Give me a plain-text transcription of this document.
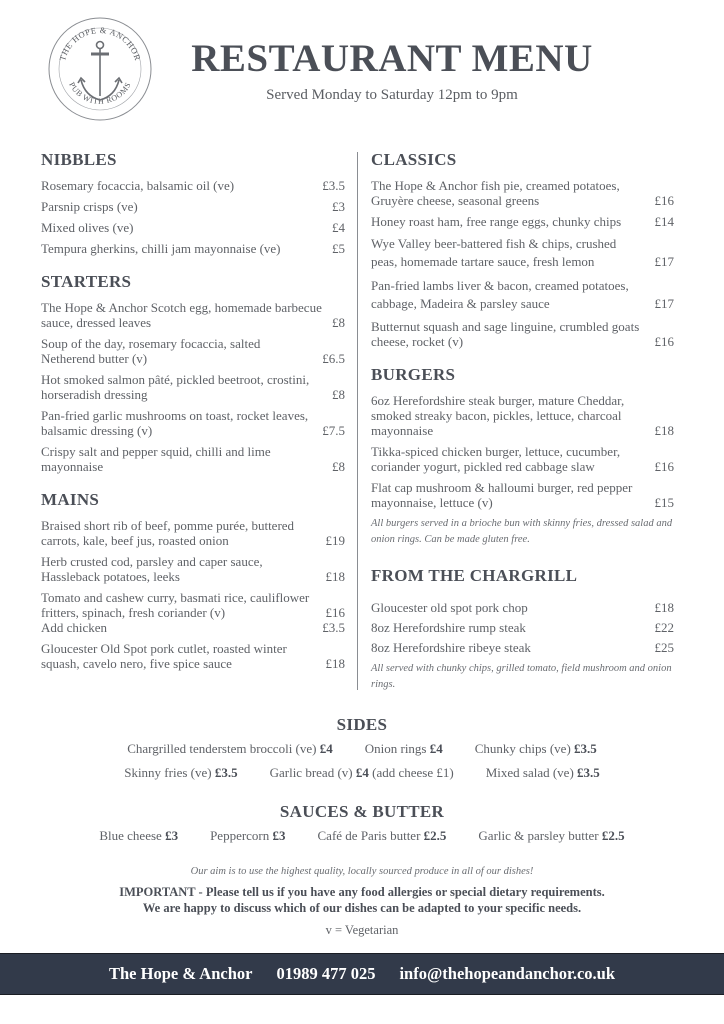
THE HOPE & ANCHOR
PUB WITH ROOMS
RESTAURANT MENU
Served Monday to Saturday 12pm to 9pm
NIBBLES
Rosemary focaccia, balsamic oil (ve)	£3.5
Parsnip crisps (ve)	£3
Mixed olives (ve)	£4
Tempura gherkins, chilli jam mayonnaise (ve)	£5
STARTERS
The Hope & Anchor Scotch egg, homemade barbecue sauce, dressed leaves	£8
Soup of the day, rosemary focaccia, salted Netherend butter (v)	£6.5
Hot smoked salmon pâté, pickled beetroot, crostini, horseradish dressing	£8
Pan-fried garlic mushrooms on toast, rocket leaves, balsamic dressing (v)	£7.5
Crispy salt and pepper squid, chilli and lime mayonnaise	£8
MAINS
Braised short rib of beef, pomme purée, buttered carrots, kale, beef jus, roasted onion	£19
Herb crusted cod, parsley and caper sauce, Hassleback potatoes, leeks	£18
Tomato and cashew curry, basmati rice, cauliflower fritters, spinach, fresh coriander (v)	£16
Add chicken	£3.5
Gloucester Old Spot pork cutlet, roasted winter squash, cavelo nero, five spice sauce	£18
CLASSICS
The Hope & Anchor fish pie, creamed potatoes, Gruyère cheese, seasonal greens	£16
Honey roast ham, free range eggs, chunky chips	£14
Wye Valley beer-battered fish & chips, crushed peas, homemade tartare sauce, fresh lemon	£17
Pan-fried lambs liver & bacon, creamed potatoes, cabbage, Madeira & parsley sauce	£17
Butternut squash and sage linguine, crumbled goats cheese, rocket (v)	£16
BURGERS
6oz Herefordshire steak burger, mature Cheddar, smoked streaky bacon, pickles, lettuce, charcoal mayonnaise	£18
Tikka-spiced chicken burger, lettuce, cucumber, coriander yogurt, pickled red cabbage slaw	£16
Flat cap mushroom & halloumi burger, red pepper mayonnaise, lettuce (v)	£15
All burgers served in a brioche bun with skinny fries, dressed salad and onion rings. Can be made gluten free.
FROM THE CHARGRILL
Gloucester old spot pork chop	£18
8oz Herefordshire rump steak	£22
8oz Herefordshire ribeye steak	£25
All served with chunky chips, grilled tomato, field mushroom and onion rings.
SIDES
Chargrilled tenderstem broccoli (ve) £4 Onion rings £4 Chunky chips (ve) £3.5
Skinny fries (ve) £3.5 Garlic bread (v) £4 (add cheese £1) Mixed salad (ve) £3.5
SAUCES & BUTTER
Blue cheese £3 Peppercorn £3 Café de Paris butter £2.5 Garlic & parsley butter £2.5
Our aim is to use the highest quality, locally sourced produce in all of our dishes!
IMPORTANT - Please tell us if you have any food allergies or special dietary requirements.
We are happy to discuss which of our dishes can be adapted to your specific needs.
v = Vegetarian
The Hope & Anchor 01989 477 025 info@thehopeandanchor.co.uk
